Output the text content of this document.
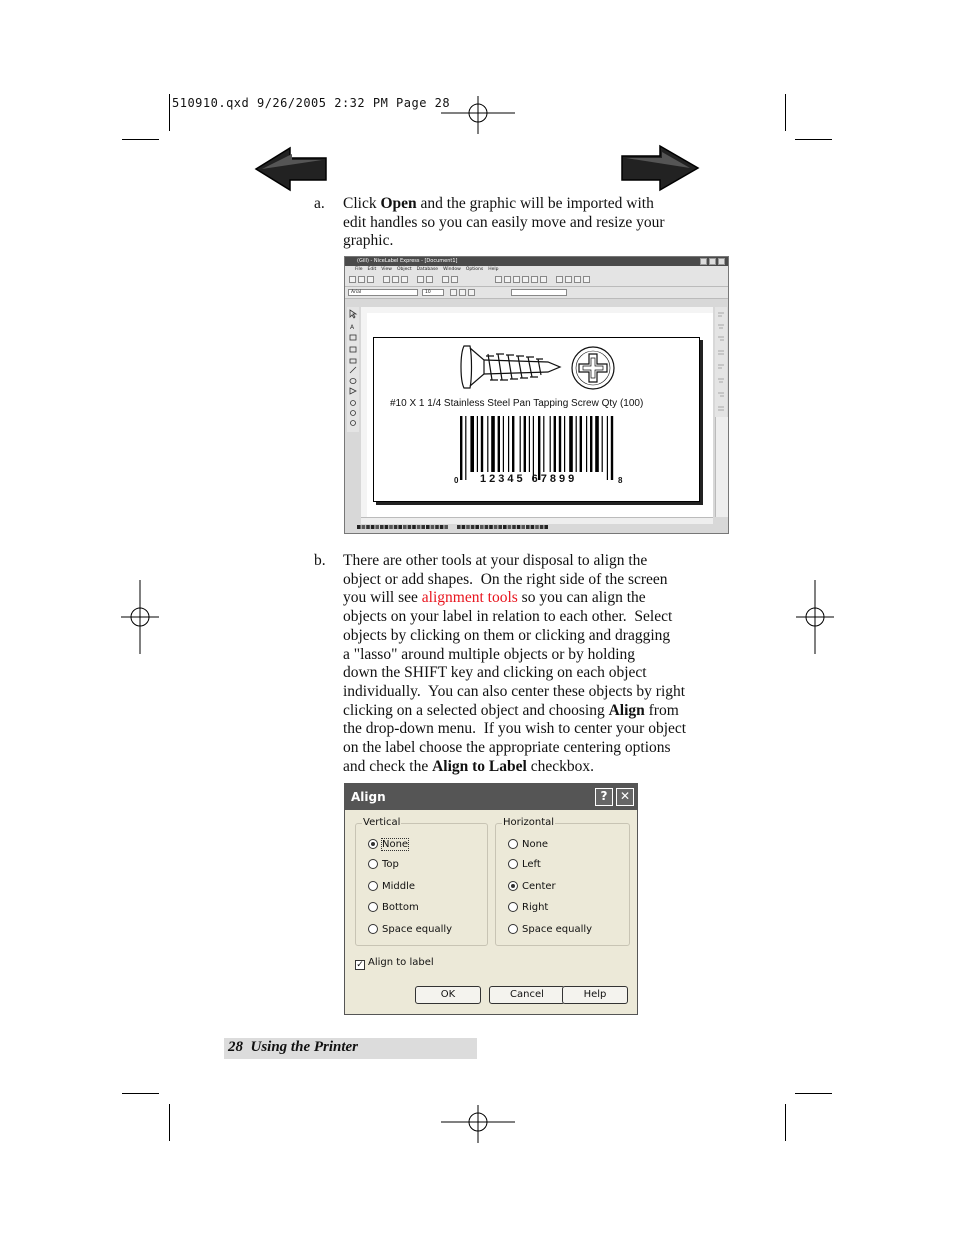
510910.qxd 9/26/2005 2:32 PM Page 28
a. Click Open and the graphic will be imported with
edit handles so you can easily move and resize your
graphic.
(Gill) - NiceLabel Express - [Document1]
File Edit View Object Database Window Options Help
Arial	10
A
#10 X 1 1/4 Stainless Steel Pan Tapping Screw Qty (100)
0 12345 67899	8
b. There are other tools at your disposal to align the
object or add shapes.  On the right side of the screen
you will see alignment tools so you can align the
objects on your label in relation to each other.  Select
objects by clicking on them or clicking and dragging
a "lasso" around multiple objects or by holding
down the SHIFT key and clicking on each object
individually.  You can also center these objects by right
clicking on a selected object and choosing Align from
the drop-down menu.  If you wish to center your object
on the label choose the appropriate centering options
and check the Align to Label checkbox.
Align	?	✕
Vertical
None
Top
Middle
Bottom
Space equally
Horizontal
None
Left
Center
Right
Space equally
✓ Align to label
OK	Cancel	Help
28 Using the Printer
